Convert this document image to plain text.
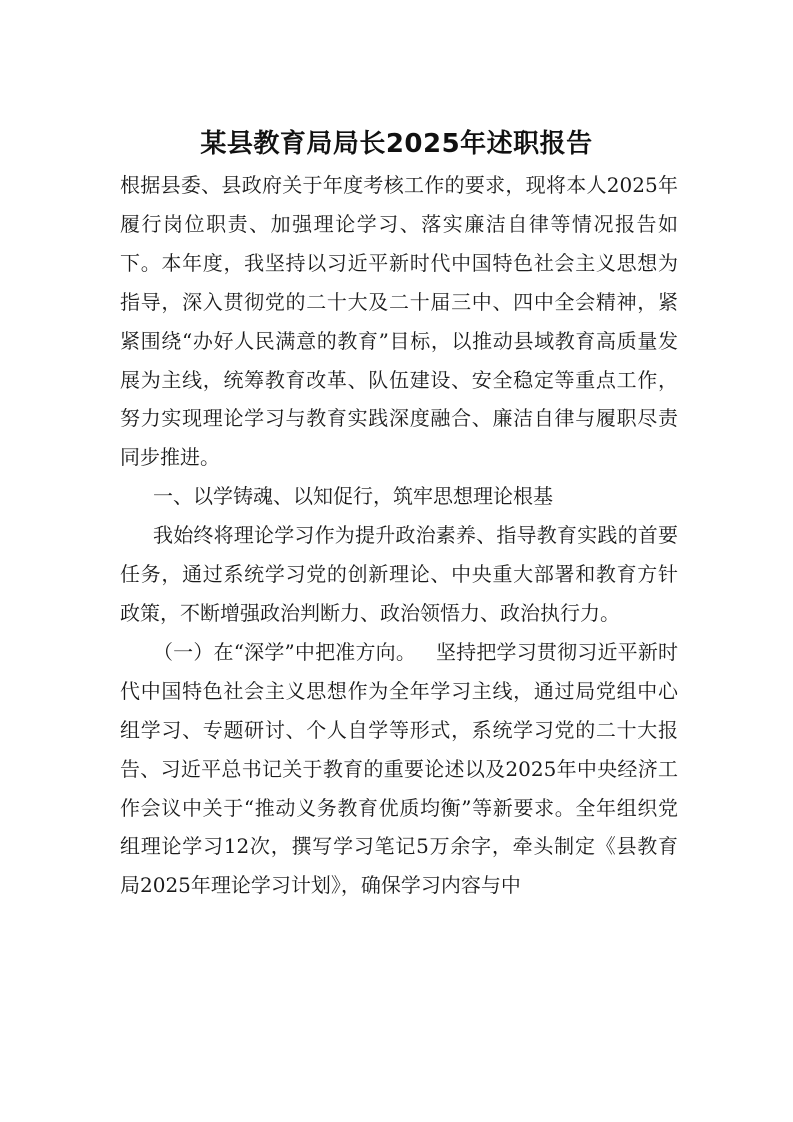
某县教育局局长2025年述职报告

根据县委、县政府关于年度考核工作的要求，现将本人2025年履行岗位职责、加强理论学习、落实廉洁自律等情况报告如下。本年度，我坚持以习近平新时代中国特色社会主义思想为指导，深入贯彻党的二十大及二十届三中、四中全会精神，紧紧围绕“办好人民满意的教育”目标，以推动县域教育高质量发展为主线，统筹教育改革、队伍建设、安全稳定等重点工作，努力实现理论学习与教育实践深度融合、廉洁自律与履职尽责同步推进。

一、以学铸魂、以知促行，筑牢思想理论根基

我始终将理论学习作为提升政治素养、指导教育实践的首要任务，通过系统学习党的创新理论、中央重大部署和教育方针政策，不断增强政治判断力、政治领悟力、政治执行力。

（一）在“深学”中把准方向。 坚持把学习贯彻习近平新时代中国特色社会主义思想作为全年学习主线，通过局党组中心组学习、专题研讨、个人自学等形式，系统学习党的二十大报告、习近平总书记关于教育的重要论述以及2025年中央经济工作会议中关于“推动义务教育优质均衡”等新要求。全年组织党组理论学习12次，撰写学习笔记5万余字，牵头制定《县教育局2025年理论学习计划》，确保学习内容与中
